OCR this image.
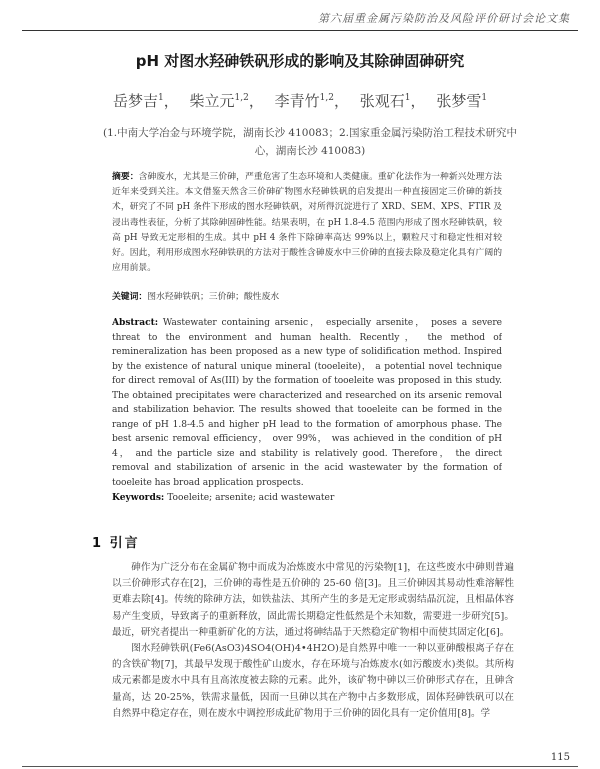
第六届重金属污染防治及风险评价研讨会论文集
pH 对图水羟砷铁矾形成的影响及其除砷固砷研究
岳梦吉$^1$， 柴立元$^{1,2}$， 李青竹$^{1,2}$， 张观石$^1$， 张梦雪$^1$
(1.中南大学冶金与环境学院，湖南长沙 410083；2.国家重金属污染防治工程技术研究中心，湖南长沙 410083)
摘要：含砷废水，尤其是三价砷，严重危害了生态环境和人类健康。重矿化法作为一种新兴处理方法近年来受到关注。本文借鉴天然含三价砷矿物图水羟砷铁矾的启发提出一种直接固定三价砷的新技术，研究了不同 pH 条件下形成的图水羟砷铁矾，对所得沉淀进行了 XRD、SEM、XPS、FTIR 及浸出毒性表征，分析了其除砷固砷性能。结果表明，在 pH 1.8-4.5 范围内形成了图水羟砷铁矾，较高 pH 导致无定形相的生成。其中 pH 4 条件下除砷率高达 99%以上，颗粒尺寸和稳定性相对较好。因此，利用形成图水羟砷铁矾的方法对于酸性含砷废水中三价砷的直接去除及稳定化具有广阔的应用前景。
关键词：图水羟砷铁矾；三价砷；酸性废水
Abstract: Wastewater containing arsenic， especially arsenite， poses a severe threat to the environment and human health. Recently， the method of remineralization has been proposed as a new type of solidification method. Inspired by the existence of natural unique mineral (tooeleite)， a potential novel technique for direct removal of As(III) by the formation of tooeleite was proposed in this study. The obtained precipitates were characterized and researched on its arsenic removal and stabilization behavior. The results showed that tooeleite can be formed in the range of pH 1.8-4.5 and higher pH lead to the formation of amorphous phase. The best arsenic removal efficiency， over 99%， was achieved in the condition of pH 4， and the particle size and stability is relatively good. Therefore， the direct removal and stabilization of arsenic in the acid wastewater by the formation of tooeleite has broad application prospects.
Keywords: Tooeleite; arsenite; acid wastewater
1 引言

砷作为广泛分布在金属矿物中而成为冶炼废水中常见的污染物[1]，在这些废水中砷则普遍以三价砷形式存在[2]，三价砷的毒性是五价砷的 25-60 倍[3]。且三价砷因其易动性难溶解性更难去除[4]。传统的除砷方法，如铁盐法、其所产生的多是无定形或弱结晶沉淀，且相晶体容易产生变质，导致离子的重新释放，固此需长期稳定性低然是个未知数，需要进一步研究[5]。最近，研究者提出一种重新矿化的方法，通过将砷结晶于天然稳定矿物相中而使其固定化[6]。

图水羟砷铁矾(Fe6(AsO3)4SO4(OH)4•4H2O)是自然界中唯一一种以亚砷酸根离子存在的含铁矿物[7]，其最早发现于酸性矿山废水，存在环境与冶炼废水(如污酸废水)类似。其所构成元素都是废水中具有且高浓度被去除的元素。此外，该矿物中砷以三价砷形式存在，且砷含量高，达 20-25%，铁需求量低，因而一旦砷以其在产物中占多数形成，固体羟砷铁矾可以在自然界中稳定存在，则在废水中调控形成此矿物用于三价砷的固化具有一定价值用[8]。学

115
